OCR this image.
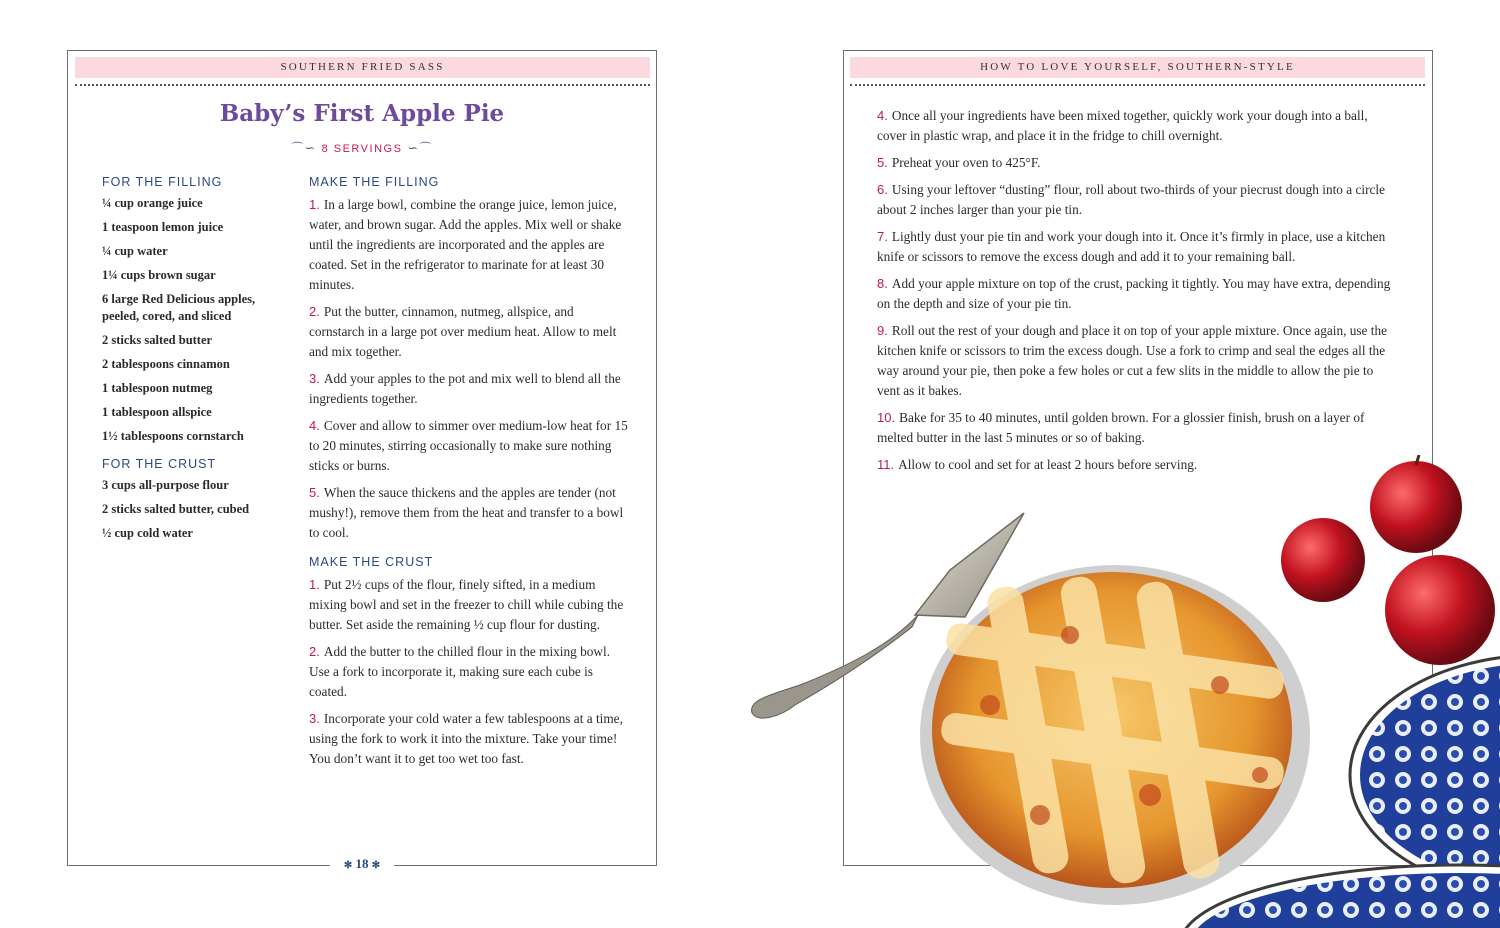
SOUTHERN FRIED SASS
Baby’s First Apple Pie
⌒∽ 8 SERVINGS ∽⌒
FOR THE FILLING
¼ cup orange juice
1 teaspoon lemon juice
¼ cup water
1¼ cups brown sugar
6 large Red Delicious apples, peeled, cored, and sliced
2 sticks salted butter
2 tablespoons cinnamon
1 tablespoon nutmeg
1 tablespoon allspice
1½ tablespoons cornstarch
FOR THE CRUST
3 cups all-purpose flour
2 sticks salted butter, cubed
½ cup cold water
MAKE THE FILLING
1. In a large bowl, combine the orange juice, lemon juice, water, and brown sugar. Add the apples. Mix well or shake until the ingredients are incorporated and the apples are coated. Set in the refrigerator to marinate for at least 30 minutes.
2. Put the butter, cinnamon, nutmeg, allspice, and cornstarch in a large pot over medium heat. Allow to melt and mix together.
3. Add your apples to the pot and mix well to blend all the ingredients together.
4. Cover and allow to simmer over medium-low heat for 15 to 20 minutes, stirring occasionally to make sure nothing sticks or burns.
5. When the sauce thickens and the apples are tender (not mushy!), remove them from the heat and transfer to a bowl to cool.
MAKE THE CRUST
1. Put 2½ cups of the flour, finely sifted, in a medium mixing bowl and set in the freezer to chill while cubing the butter. Set aside the remaining ½ cup flour for dusting.
2. Add the butter to the chilled flour in the mixing bowl. Use a fork to incorporate it, making sure each cube is coated.
3. Incorporate your cold water a few tablespoons at a time, using the fork to work it into the mixture. Take your time! You don’t want it to get too wet too fast.
✻ 18 ✻
HOW TO LOVE YOURSELF, SOUTHERN-STYLE
4. Once all your ingredients have been mixed together, quickly work your dough into a ball, cover in plastic wrap, and place it in the fridge to chill overnight.
5. Preheat your oven to 425°F.
6. Using your leftover “dusting” flour, roll about two-thirds of your piecrust dough into a circle about 2 inches larger than your pie tin.
7. Lightly dust your pie tin and work your dough into it. Once it’s firmly in place, use a kitchen knife or scissors to remove the excess dough and add it to your remaining ball.
8. Add your apple mixture on top of the crust, packing it tightly. You may have extra, depending on the depth and size of your pie tin.
9. Roll out the rest of your dough and place it on top of your apple mixture. Once again, use the kitchen knife or scissors to trim the excess dough. Use a fork to crimp and seal the edges all the way around your pie, then poke a few holes or cut a few slits in the middle to allow the pie to vent as it bakes.
10. Bake for 35 to 40 minutes, until golden brown. For a glossier finish, brush on a layer of melted butter in the last 5 minutes or so of baking.
11. Allow to cool and set for at least 2 hours before serving.
